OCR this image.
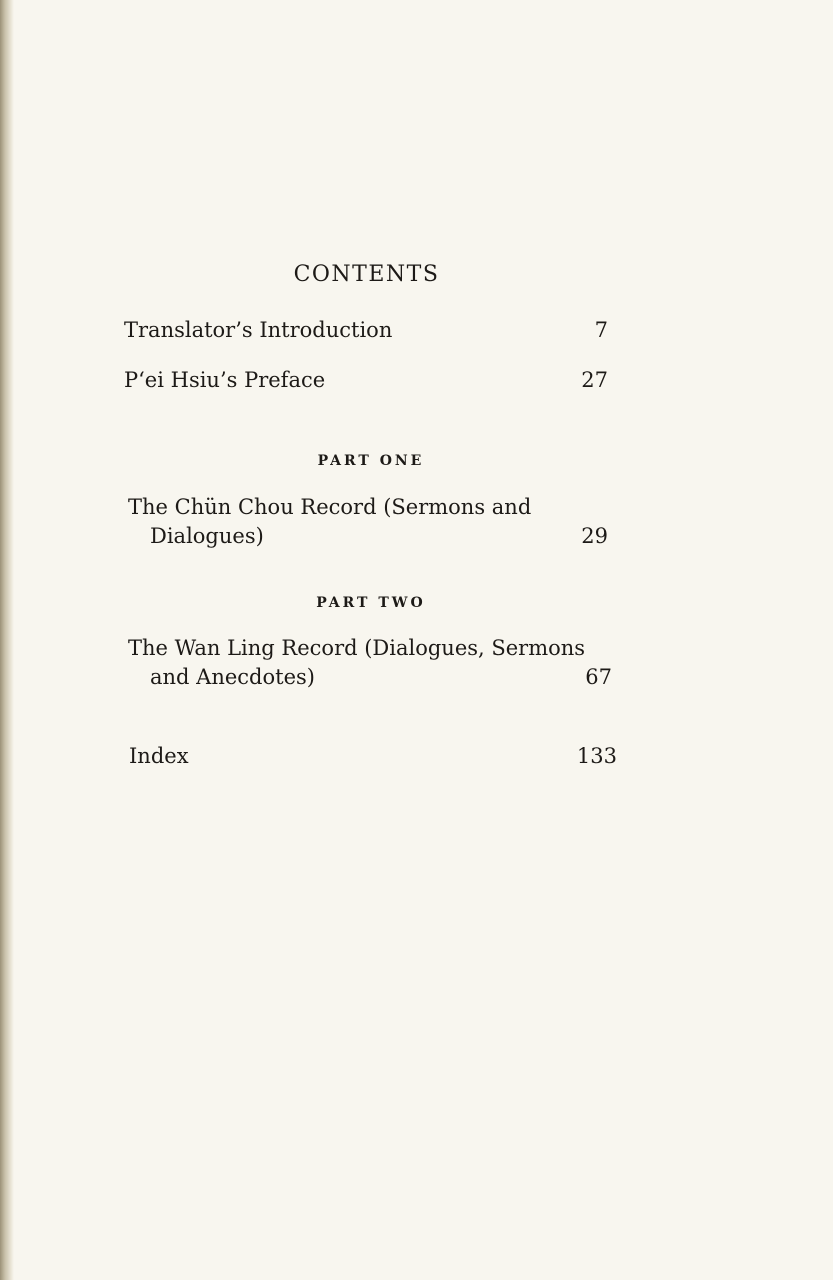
CONTENTS
Translator’s Introduction	7
P‘ei Hsiu’s Preface	27
PART ONE
The Chün Chou Record (Sermons and
Dialogues)	29
PART TWO
The Wan Ling Record (Dialogues, Sermons
and Anecdotes)	67
Index	133
